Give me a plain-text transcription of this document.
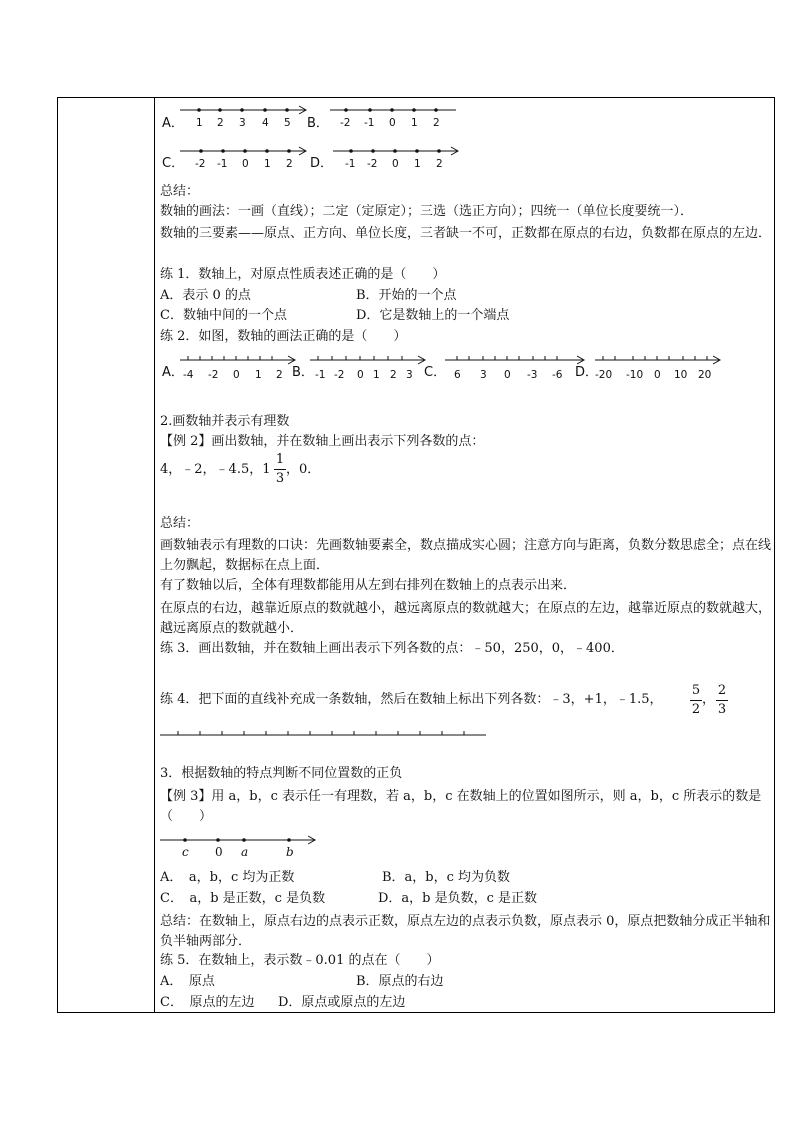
A． 1 2 3 4 5 B． -2 -1 0 1 2
C． -2 -1 0 1 2 D． -1 -2 0 1 2
总结：
数轴的画法：一画（直线）；二定（定原定）；三选（选正方向）；四统一（单位长度要统一）．
数轴的三要素——原点、正方向、单位长度，三者缺一不可，正数都在原点的右边，负数都在原点的左边．
练 1．数轴上，对原点性质表述正确的是（　　）
A．表示 0 的点	B．开始的一个点
C．数轴中间的一个点	D．它是数轴上的一个端点
练 2．如图，数轴的画法正确的是（　　）
A． -4 -2 0 1 2 B． -1 -2 0 1 2 3 C． 6 3 0 -3 -6 D．
-20 -10 0 10 20
2.画数轴并表示有理数
【例 2】画出数轴，并在数轴上画出表示下列各数的点：
4，﹣2，﹣4.5，1
1
3
，0．
总结：
画数轴表示有理数的口诀：先画数轴要素全，数点描成实心圆；注意方向与距离，负数分数思虑全；点在线上勿飘起，数据标在点上面．
有了数轴以后，全体有理数都能用从左到右排列在数轴上的点表示出来．
在原点的右边，越靠近原点的数就越小，越远离原点的数就越大；在原点的左边，越靠近原点的数就越大，越远离原点的数就越小．
练 3．画出数轴，并在数轴上画出表示下列各数的点：﹣50，250，0，﹣400．
练 4．把下面的直线补充成一条数轴，然后在数轴上标出下列各数：﹣3，+1，﹣1.5，
5
2
，
2
3
3．根据数轴的特点判断不同位置数的正负
【例 3】用 a，b，c 表示任一有理数，若 a，b，c 在数轴上的位置如图所示，则 a，b，c 所表示的数是（　　）
c 0 a	b
A．　a，b，c 均为正数	B．a，b，c 均为负数
C．　a，b 是正数，c 是负数	D．a，b 是负数，c 是正数
总结：在数轴上，原点右边的点表示正数，原点左边的点表示负数，原点表示 0，原点把数轴分成正半轴和负半轴两部分．
练 5．在数轴上，表示数﹣0.01 的点在（　　）
A．　原点	B．原点的右边
C．　原点的左边 D．原点或原点的左边
